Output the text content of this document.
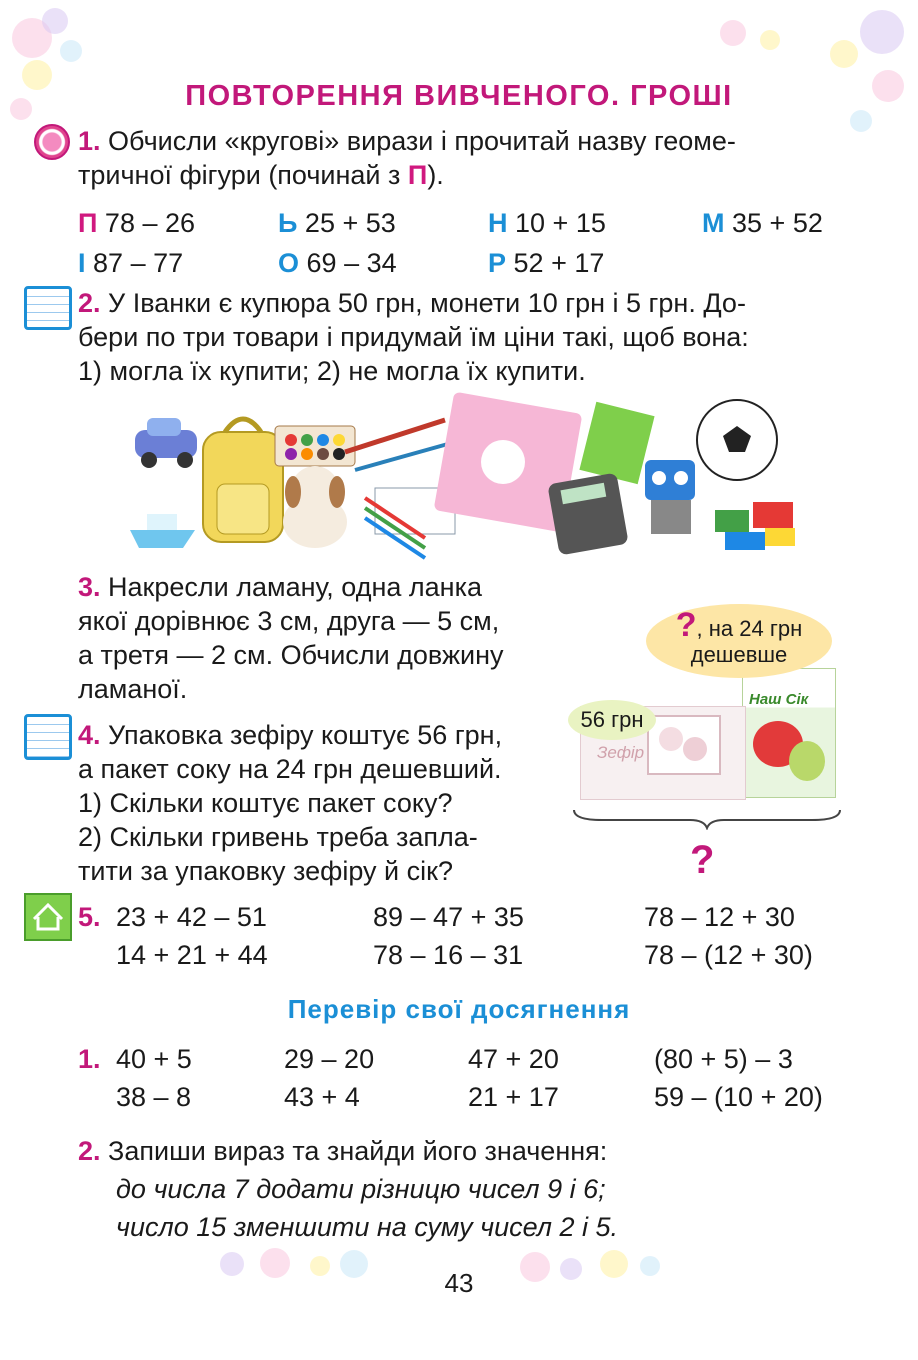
ПОВТОРЕННЯ ВИВЧЕНОГО. ГРОШІ
1. Обчисли «кругові» вирази і прочитай назву геоме-
тричної фігури (починай з П).
П 78 – 26	Ь 25 + 53	Н 10 + 15	М 35 + 52
І 87 – 77	О 69 – 34	Р 52 + 17
2. У Іванки є купюра 50 грн, монети 10 грн і 5 грн. До-
бери по три товари і придумай їм ціни такі, щоб вона:
1) могла їх купити; 2) не могла їх купити.
3. Накресли ламану, одна ланка
якої дорівнює 3 см, друга — 5 см,
а третя — 2 см. Обчисли довжину
ламаної.
4. Упаковка зефіру коштує 56 грн,
а пакет соку на 24 грн дешевший.
1) Скільки коштує пакет соку?
2) Скільки гривень треба запла-
тити за упаковку зефіру й сік?
Наш Сік
Зефір
?, на 24 грн
дешевше
56 грн
?
5. 23 + 42 – 51	89 – 47 + 35	78 – 12 + 30
14 + 21 + 44	78 – 16 – 31	78 – (12 + 30)
Перевір свої досягнення
1. 40 + 5	29 – 20	47 + 20	(80 + 5) – 3
38 – 8	43 + 4	21 + 17	59 – (10 + 20)
2. Запиши вираз та знайди його значення:
до числа 7 додати різницю чисел 9 і 6;
число 15 зменшити на суму чисел 2 і 5.
43
